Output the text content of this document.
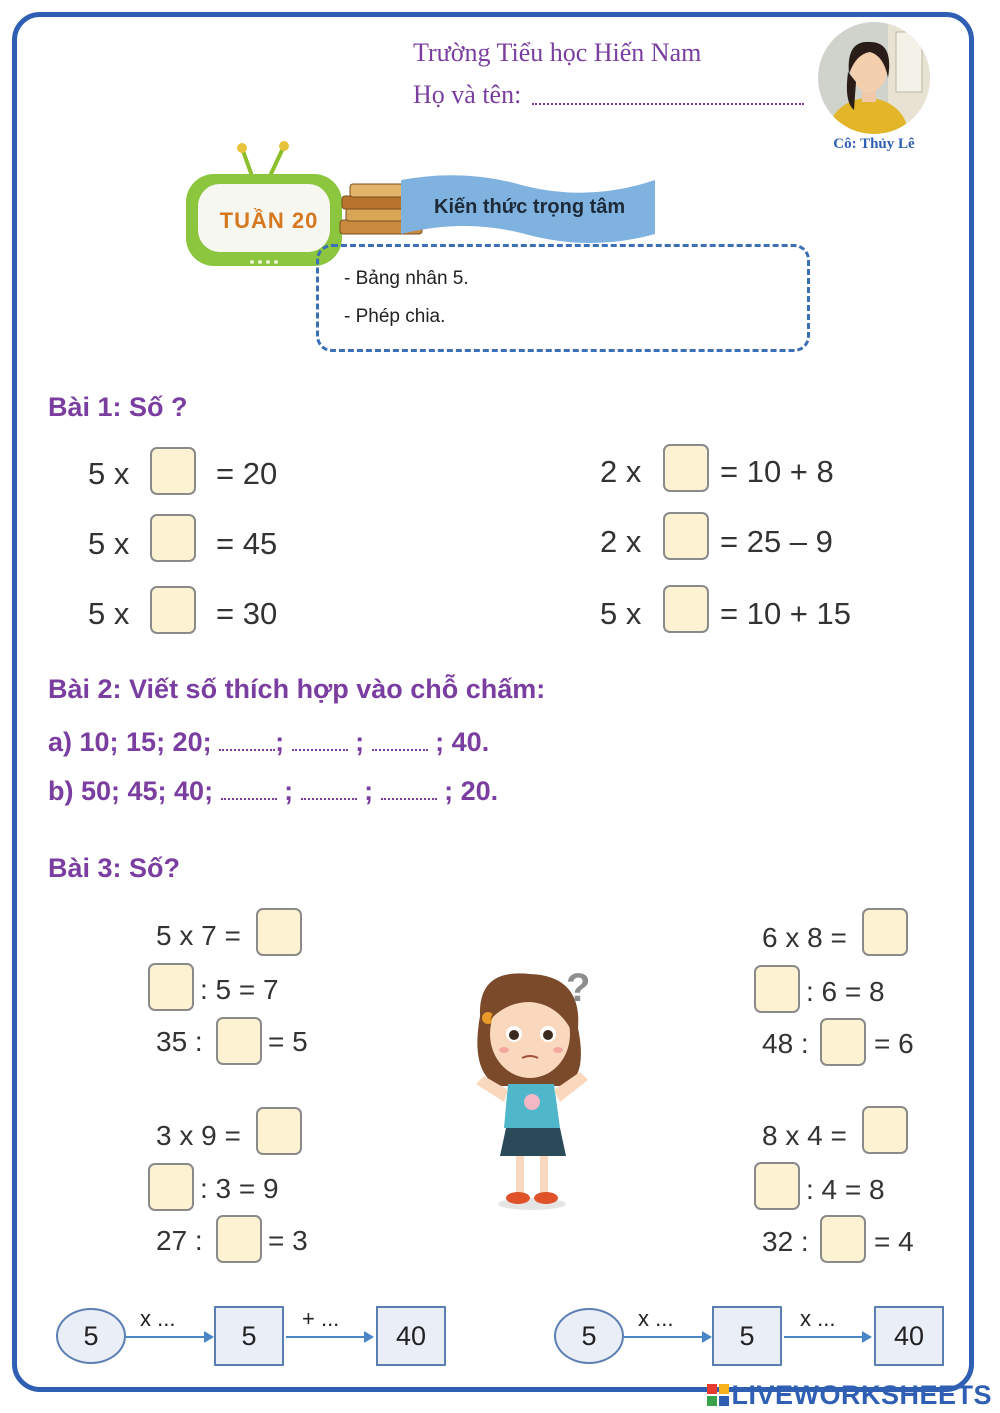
Trường Tiểu học Hiến Nam
Họ và tên:
Cô: Thủy Lê
TUẦN 20
Kiến thức trọng tâm
- Bảng nhân 5.
- Phép chia.
Bài 1: Số ?
5 x	= 20
5 x	= 45
5 x	= 30
2 x	= 10 + 8
2 x	= 25 – 9
5 x	= 10 + 15
Bài 2: Viết số thích hợp vào chỗ chấm:
a) 10; 15; 20; ;	;	; 40.
b) 50; 45; 40;	;	;	; 20.
Bài 3: Số?
5 x 7 =
: 5 = 7
35 : = 5
3 x 9 =
: 3 = 9
27 : = 3
6 x 8 =
: 6 = 8
48 : = 6
8 x 4 =
: 4 = 8
32 : = 4
?
5
x ...
5
+ ...
40	5
x ...
5
x ...
40
LIVEWORKSHEETS
